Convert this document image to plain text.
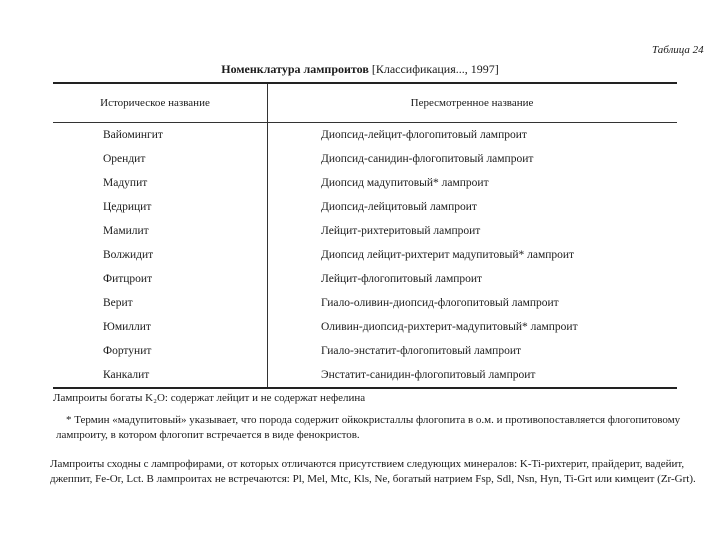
Таблица 24
Номенклатура лампроитов [Классификация..., 1997]
Историческое название	Пересмотренное название
Вайомингит	Диопсид-лейцит-флогопитовый лампроит
Орендит	Диопсид-санидин-флогопитовый лампроит
Мадупит	Диопсид мадупитовый* лампроит
Цедрицит	Диопсид-лейцитовый лампроит
Мамилит	Лейцит-рихтеритовый лампроит
Волжидит	Диопсид лейцит-рихтерит мадупитовый* лампроит
Фитцроит	Лейцит-флогопитовый лампроит
Верит	Гиало-оливин-диопсид-флогопитовый лампроит
Юмиллит	Оливин-диопсид-рихтерит-мадупитовый* лампроит
Фортунит	Гиало-энстатит-флогопитовый лампроит
Канкалит	Энстатит-санидин-флогопитовый лампроит
Лампроиты богаты K₂O: содержат лейцит и не содержат нефелина
* Термин «мадупитовый» указывает, что порода содержит ойкокристаллы флогопита в о.м. и противопоставляется флогопитовому лампроиту, в котором флогопит встречается в виде фенокристов.
Лампроиты сходны с лампрофирами, от которых отличаются присутствием следующих минералов: K-Ti-рихтерит, прайдерит, вадейит, джеппит, Fe-Or, Lct. В лампроитах не встречаются: Pl, Mel, Mtc, Kls, Ne, богатый натрием Fsp, Sdl, Nsn, Hyn, Ti-Grt или кимцеит (Zr-Grt).
